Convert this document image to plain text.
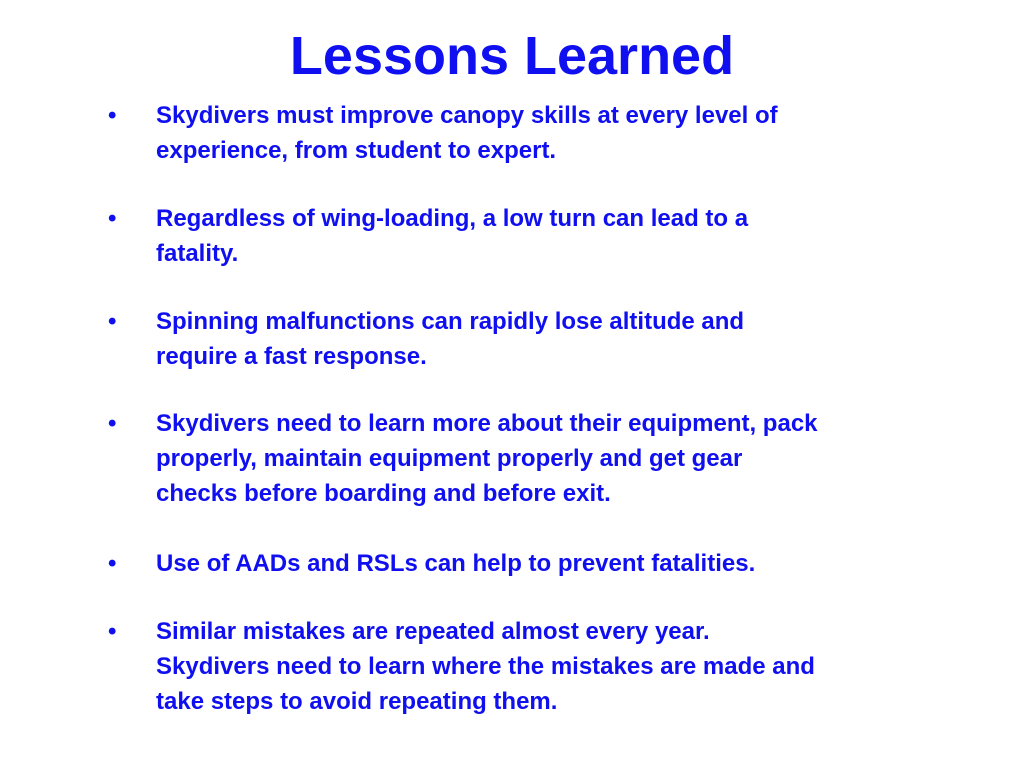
Lessons Learned
• Skydivers must improve canopy skills at every level of
experience, from student to expert.
• Regardless of wing-loading, a low turn can lead to a
fatality.
• Spinning malfunctions can rapidly lose altitude and
require a fast response.
• Skydivers need to learn more about their equipment, pack
properly, maintain equipment properly and get gear
checks before boarding and before exit.
• Use of AADs and RSLs can help to prevent fatalities.
• Similar mistakes are repeated almost every year.
Skydivers need to learn where the mistakes are made and
take steps to avoid repeating them.
